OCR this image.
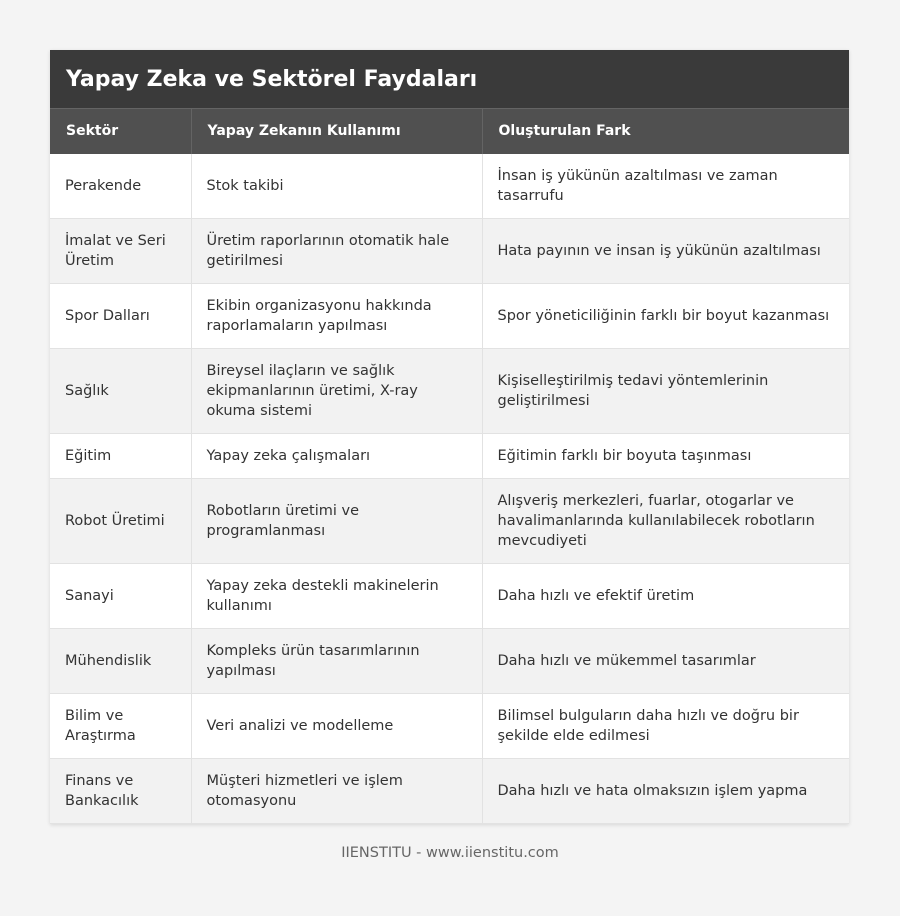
Yapay Zeka ve Sektörel Faydaları
Sektör	Yapay Zekanın Kullanımı	Oluşturulan Fark
Perakende	Stok takibi	İnsan iş yükünün azaltılması ve zaman tasarrufu
İmalat ve Seri Üretim	Üretim raporlarının otomatik hale getirilmesi	Hata payının ve insan iş yükünün azaltılması
Spor Dalları	Ekibin organizasyonu hakkında raporlamaların yapılması	Spor yöneticiliğinin farklı bir boyut kazanması
Sağlık	Bireysel ilaçların ve sağlık ekipmanlarının üretimi, X-ray okuma sistemi	Kişiselleştirilmiş tedavi yöntemlerinin geliştirilmesi
Eğitim	Yapay zeka çalışmaları	Eğitimin farklı bir boyuta taşınması
Robot Üretimi	Robotların üretimi ve programlanması	Alışveriş merkezleri, fuarlar, otogarlar ve havalimanlarında kullanılabilecek robotların mevcudiyeti
Sanayi	Yapay zeka destekli makinelerin kullanımı	Daha hızlı ve efektif üretim
Mühendislik	Kompleks ürün tasarımlarının yapılması	Daha hızlı ve mükemmel tasarımlar
Bilim ve Araştırma	Veri analizi ve modelleme	Bilimsel bulguların daha hızlı ve doğru bir şekilde elde edilmesi
Finans ve Bankacılık	Müşteri hizmetleri ve işlem otomasyonu	Daha hızlı ve hata olmaksızın işlem yapma
IIENSTITU - www.iienstitu.com
